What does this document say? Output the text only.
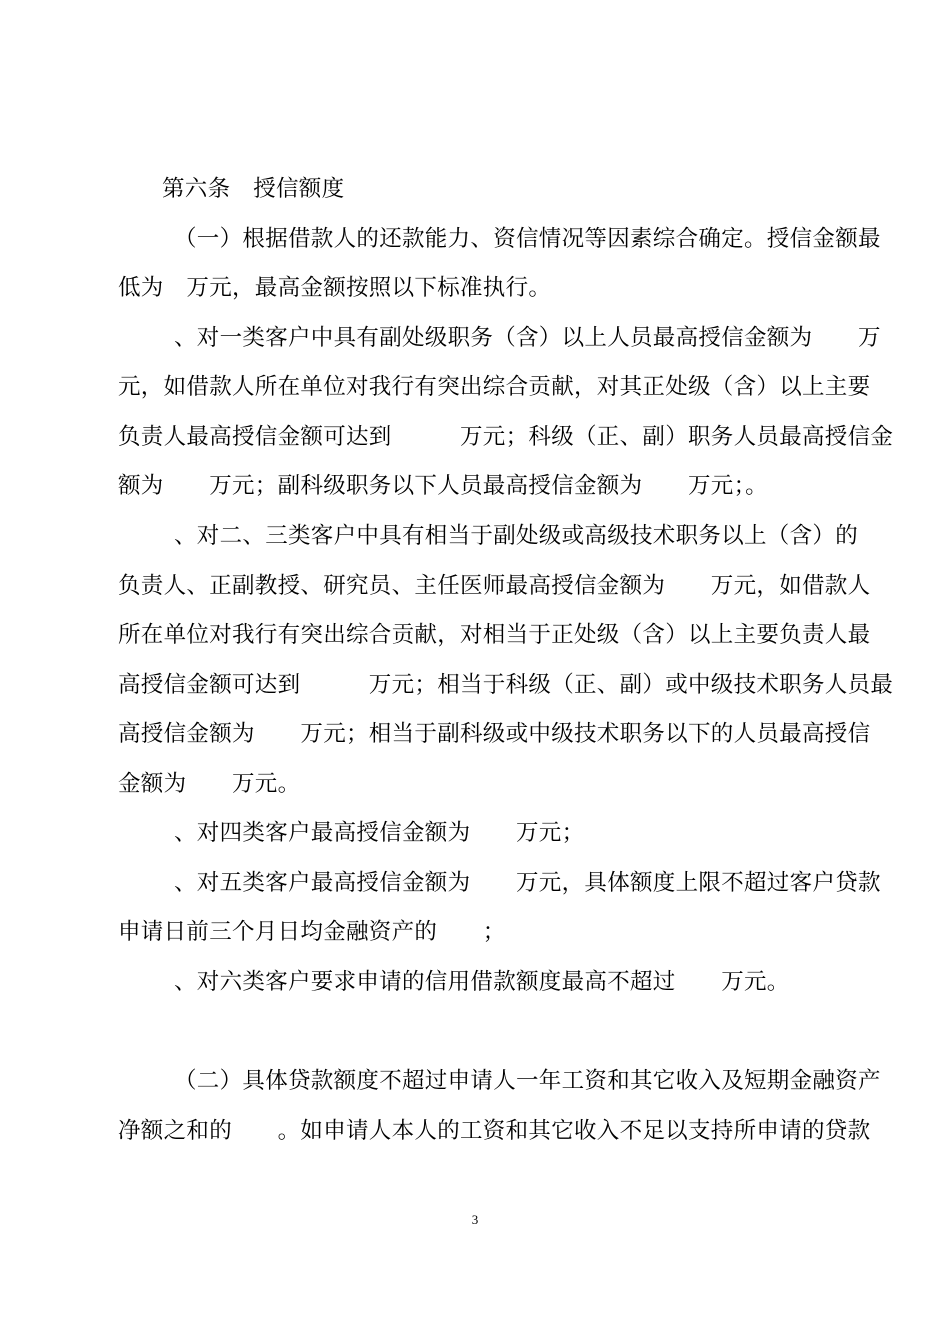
第六条　授信额度
（一）根据借款人的还款能力、资信情况等因素综合确定。授信金额最
低为　万元，最高金额按照以下标准执行。
、对一类客户中具有副处级职务（含）以上人员最高授信金额为　　万
元，如借款人所在单位对我行有突出综合贡献，对其正处级（含）以上主要
负责人最高授信金额可达到　　　万元；科级（正、副）职务人员最高授信金
额为　　万元；副科级职务以下人员最高授信金额为　　万元；。
、对二、三类客户中具有相当于副处级或高级技术职务以上（含）的
负责人、正副教授、研究员、主任医师最高授信金额为　　万元，如借款人
所在单位对我行有突出综合贡献，对相当于正处级（含）以上主要负责人最
高授信金额可达到　　　万元；相当于科级（正、副）或中级技术职务人员最
高授信金额为　　万元；相当于副科级或中级技术职务以下的人员最高授信
金额为　　万元。
、对四类客户最高授信金额为　　万元；
、对五类客户最高授信金额为　　万元，具体额度上限不超过客户贷款
申请日前三个月日均金融资产的　　；
、对六类客户要求申请的信用借款额度最高不超过　　万元。
（二）具体贷款额度不超过申请人一年工资和其它收入及短期金融资产
净额之和的　　。如申请人本人的工资和其它收入不足以支持所申请的贷款
3
